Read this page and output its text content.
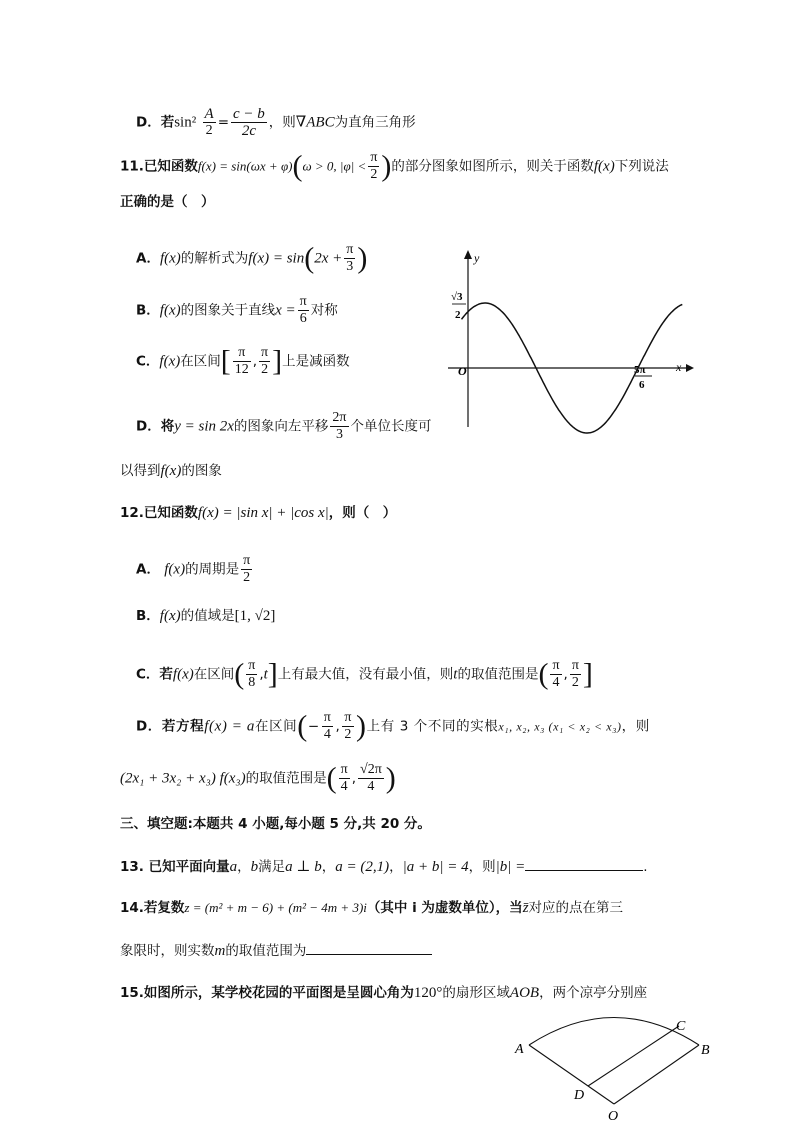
D．若$\sin^2 \frac{A}{2} = \frac{c - b}{2c}$ ，则∇ABC为直角三角形
11.已知函数f(x) = sin(ωx + φ)(ω > 0, $|\varphi| < \frac{\pi}{2}$ )的部分图象如图所示，则关于函数f(x)下列说法
正确的是（　）
A．f(x)的解析式为$f(x) = \sin(2x + \frac{\pi}{3}$ )
B．f(x)的图象关于直线$x = \frac{\pi}{6}$ 对称
C．f(x)在区间[ $\frac{\pi}{12}$ , $\frac{\pi}{2}$ ]上是减函数
D．将y = sin 2x的图象向左平移 $\frac{2\pi}{3}$ 个单位长度可
以得到f(x)的图象
y
x
O
√3
2
5π
6
12.已知函数f(x) = |sin x| + |cos x|，则（　）
A． f(x)的周期是 $\frac{\pi}{2}$
B．f(x)的值域是[1, √2]
C．若f(x)在区间( $\frac{\pi}{8} ,t$]上有最大值，没有最小值，则t的取值范围是( $\frac{\pi}{4}$ , $\frac{\pi}{2}$ ]
D．若方程f(x) = a在区间(− $\frac{\pi}{4}$ , $\frac{\pi}{2}$ )上有 3 个不同的实根x₁, x₂, x₃ (x₁ < x₂ < x₃)，则
(2x₁ + 3x₂ + x₃) f(x₃)的取值范围是( $\frac{\pi}{4}$ , $\frac{√2\pi}{4}$ )
三、填空题:本题共 4 小题,每小题 5 分,共 20 分。
13. 已知平面向量a，b满足a ⊥ b，a = (2,1)，|a + b| = 4，则|b| =	.
14.若复数z = (m² + m − 6) + (m² − 4m + 3)i（其中 i 为虚数单位），当z̄对应的点在第三
象限时，则实数m的取值范围为
15.如图所示，某学校花园的平面图是呈圆心角为120°的扇形区域AOB，两个凉亭分别座
A	B
C
D
O
